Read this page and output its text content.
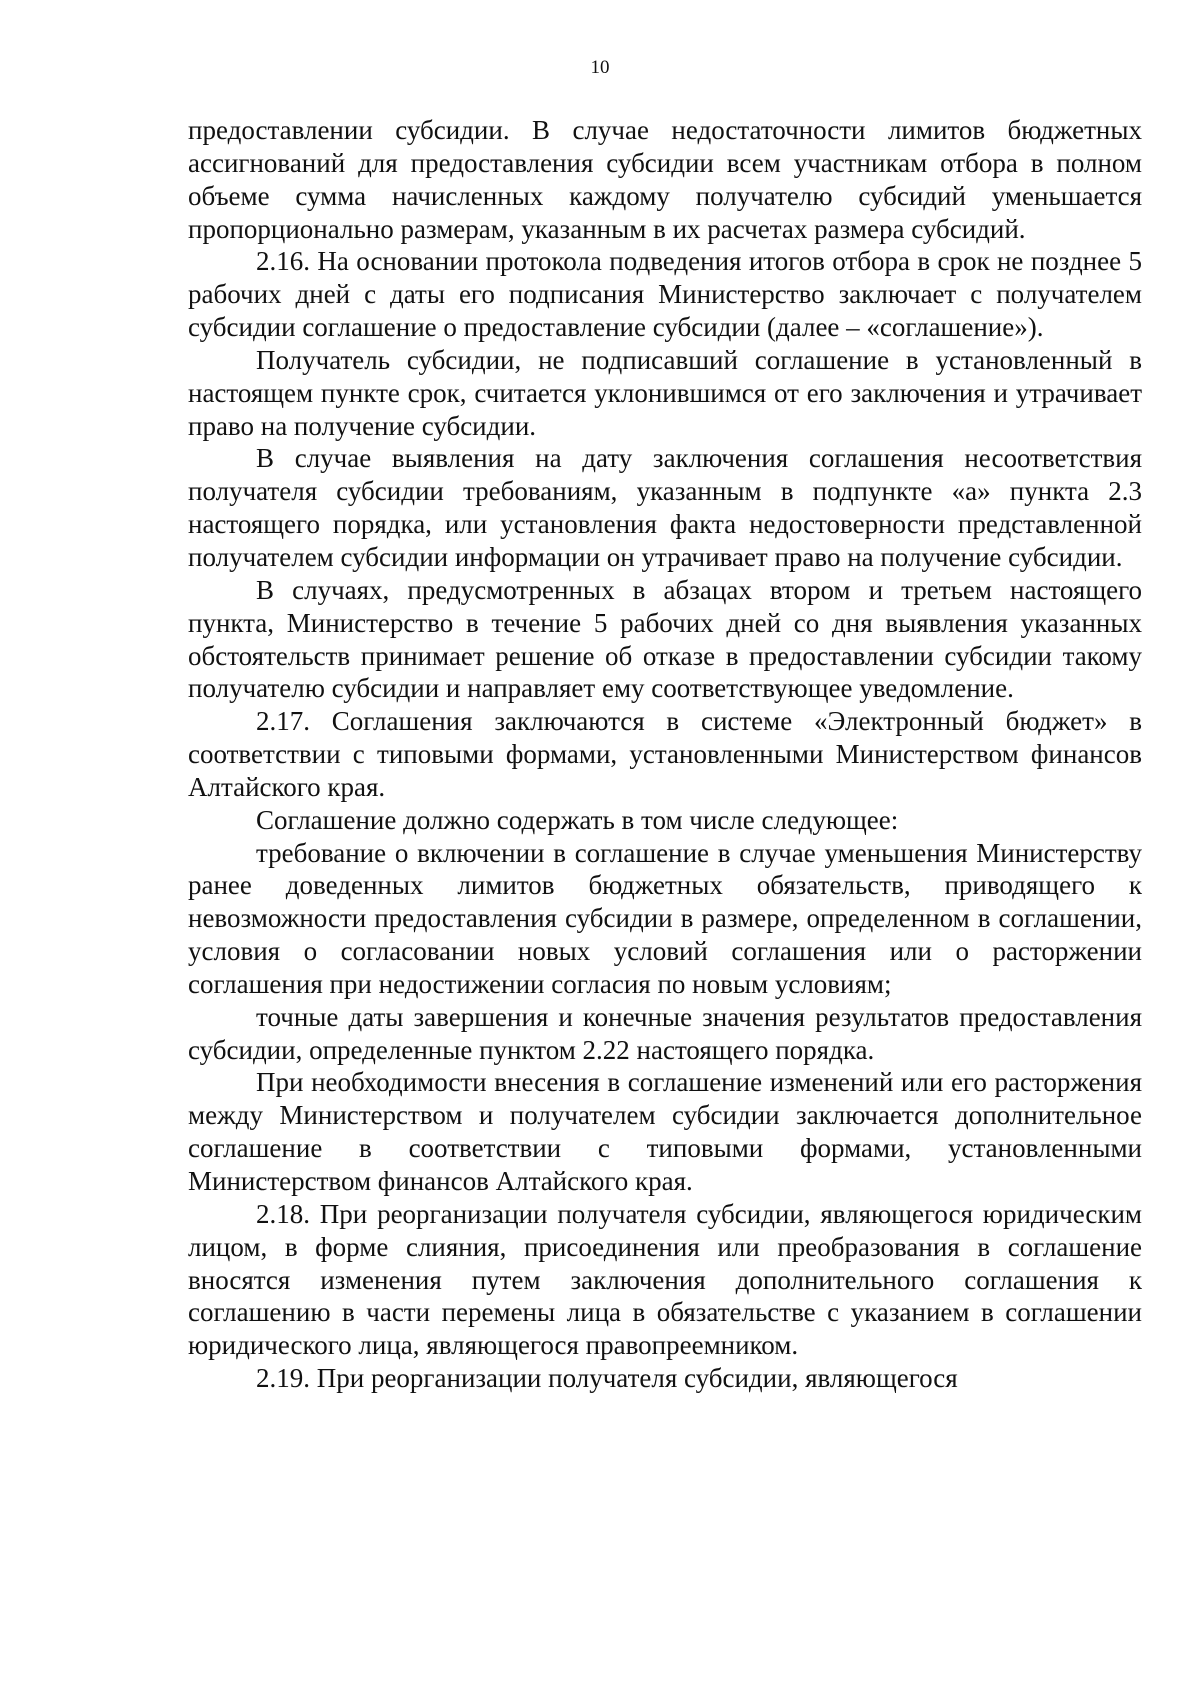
10

предоставлении субсидии. В случае недостаточности лимитов бюджетных ассигнований для предоставления субсидии всем участникам отбора в полном объеме сумма начисленных каждому получателю субсидий уменьшается пропорционально размерам, указанным в их расчетах размера субсидий.

2.16. На основании протокола подведения итогов отбора в срок не позднее 5 рабочих дней с даты его подписания Министерство заключает с получателем субсидии соглашение о предоставление субсидии (далее – «соглашение»).

Получатель субсидии, не подписавший соглашение в установленный в настоящем пункте срок, считается уклонившимся от его заключения и утрачивает право на получение субсидии.

В случае выявления на дату заключения соглашения несоответствия получателя субсидии требованиям, указанным в подпункте «а» пункта 2.3 настоящего порядка, или установления факта недостоверности представленной получателем субсидии информации он утрачивает право на получение субсидии.

В случаях, предусмотренных в абзацах втором и третьем настоящего пункта, Министерство в течение 5 рабочих дней со дня выявления указанных обстоятельств принимает решение об отказе в предоставлении субсидии такому получателю субсидии и направляет ему соответствующее уведомление.

2.17. Соглашения заключаются в системе «Электронный бюджет» в соответствии с типовыми формами, установленными Министерством финансов Алтайского края.

Соглашение должно содержать в том числе следующее:

требование о включении в соглашение в случае уменьшения Министерству ранее доведенных лимитов бюджетных обязательств, приводящего к невозможности предоставления субсидии в размере, определенном в соглашении, условия о согласовании новых условий соглашения или о расторжении соглашения при недостижении согласия по новым условиям;

точные даты завершения и конечные значения результатов предоставления субсидии, определенные пунктом 2.22 настоящего порядка.

При необходимости внесения в соглашение изменений или его расторжения между Министерством и получателем субсидии заключается дополнительное соглашение в соответствии с типовыми формами, установленными Министерством финансов Алтайского края.

2.18. При реорганизации получателя субсидии, являющегося юридическим лицом, в форме слияния, присоединения или преобразования в соглашение вносятся изменения путем заключения дополнительного соглашения к соглашению в части перемены лица в обязательстве с указанием в соглашении юридического лица, являющегося правопреемником.

2.19. При реорганизации получателя субсидии, являющегося
